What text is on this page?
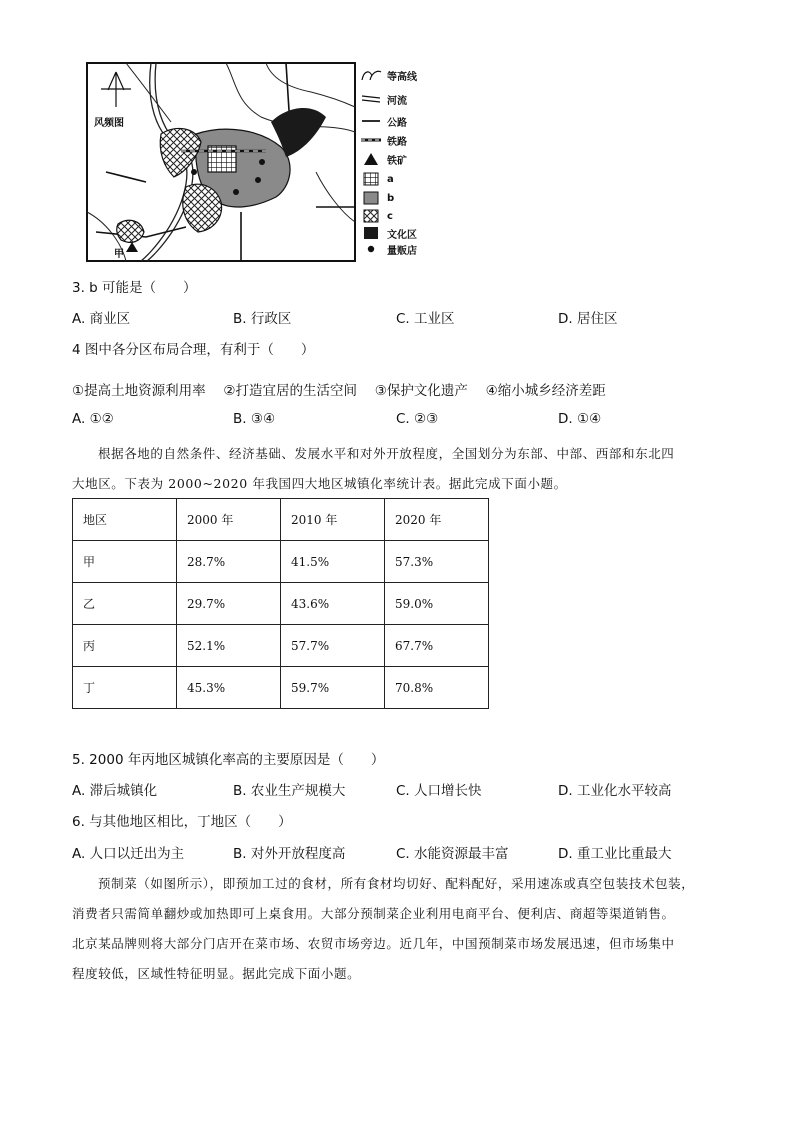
风频图
甲
等高线
河流
公路
铁路
铁矿
a
b
c
文化区
量贩店
3. b 可能是（　　）
A. 商业区	B. 行政区	C. 工业区	D. 居住区
4 图中各分区布局合理，有利于（　　）
①提高土地资源利用率　 ②打造宜居的生活空间　 ③保护文化遗产　 ④缩小城乡经济差距
A. ①②	B. ③④	C. ②③	D. ①④
根据各地的自然条件、经济基础、发展水平和对外开放程度，全国划分为东部、中部、西部和东北四
大地区。下表为 2000~2020 年我国四大地区城镇化率统计表。据此完成下面小题。
地区	2000 年	2010 年	2020 年
甲	28.7%	41.5%	57.3%
乙	29.7%	43.6%	59.0%
丙	52.1%	57.7%	67.7%
丁	45.3%	59.7%	70.8%
5. 2000 年丙地区城镇化率高的主要原因是（　　）
A. 滞后城镇化	B. 农业生产规模大	C. 人口增长快	D. 工业化水平较高
6. 与其他地区相比，丁地区（　　）
A. 人口以迁出为主	B. 对外开放程度高	C. 水能资源最丰富	D. 重工业比重最大
预制菜（如图所示），即预加工过的食材，所有食材均切好、配料配好，采用速冻或真空包装技术包装，
消费者只需简单翻炒或加热即可上桌食用。大部分预制菜企业利用电商平台、便利店、商超等渠道销售。
北京某品牌则将大部分门店开在菜市场、农贸市场旁边。近几年，中国预制菜市场发展迅速，但市场集中
程度较低，区域性特征明显。据此完成下面小题。
